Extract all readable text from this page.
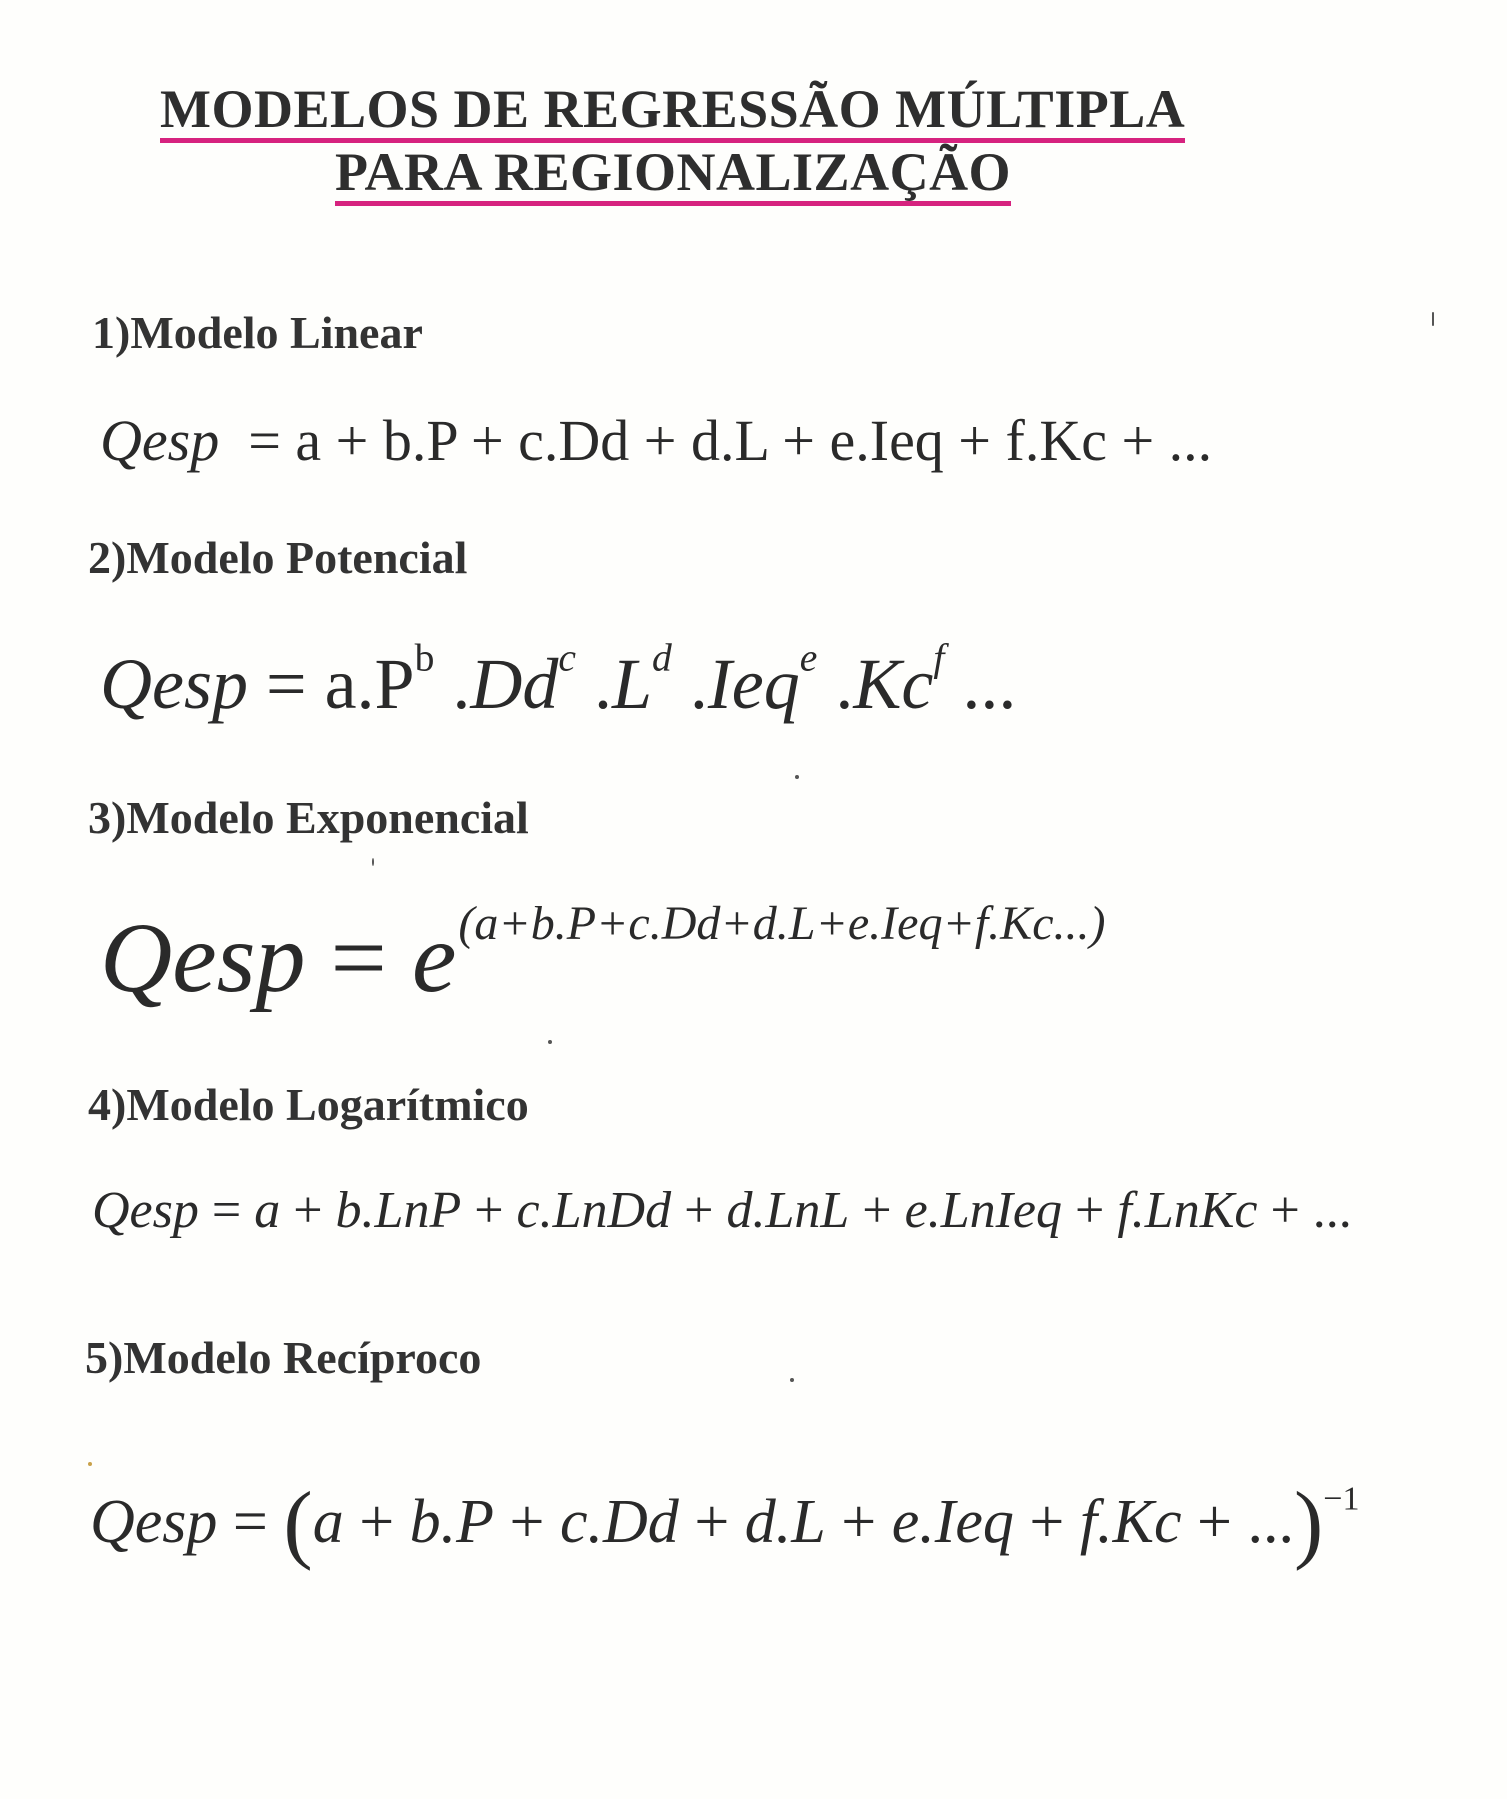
MODELOS DE REGRESSÃO MÚLTIPLA
PARA REGIONALIZAÇÃO
1)Modelo Linear
Qesp  = a + b.P + c.Dd + d.L + e.Ieq + f.Kc + ...
2)Modelo Potencial
Qesp = $a.P^b$ .Dd$^c$ $.L^d$ .Ieq$^e$ .Kc$^f$ ...
3)Modelo Exponencial
Qesp = e(a+b.P+c.Dd+d.L+e.Ieq+f.Kc...)
4)Modelo Logarítmico
Qesp = a + b.LnP + c.LnDd + d.LnL + e.LnIeq + f.LnKc + ...
5)Modelo Recíproco
Qesp = (a + b.P + c.Dd + d.L + e.Ieq + f.Kc + ...)$^{-1}$
